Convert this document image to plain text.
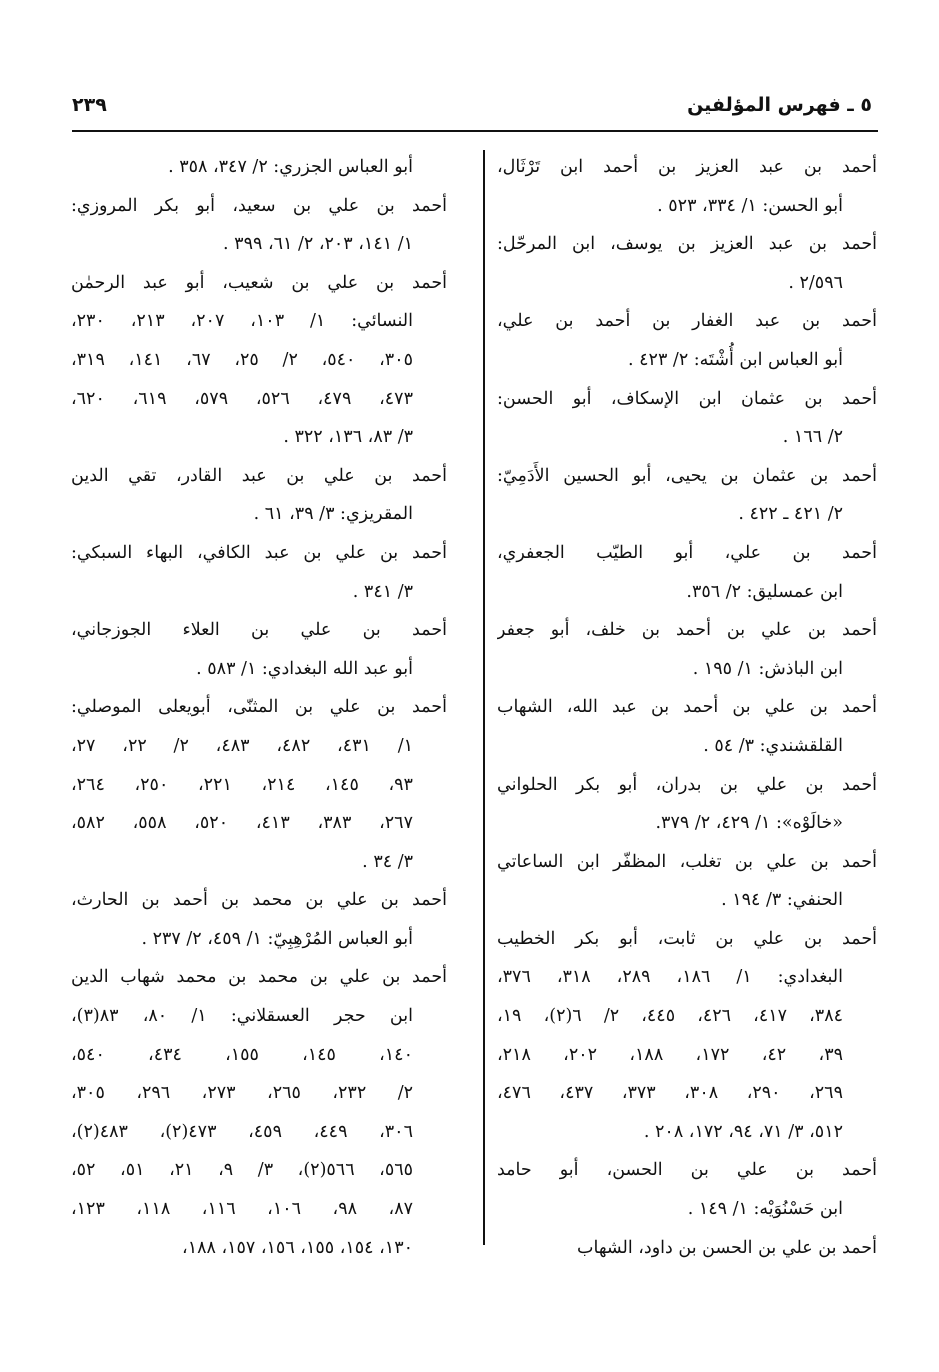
٥ ـ فهرس المؤلفين
٢٣٩
أحمد بن عبد العزيز بن أحمد ابن تَرْثَال،
أبو الحسن: ١/ ٣٣٤، ٥٢٣ .
أحمد بن عبد العزيز بن يوسف، ابن المرحّل:
٢/٥٩٦ .
أحمد بن عبد الغفار بن أحمد بن علي،
أبو العباس ابن أُشْتَه: ٢/ ٤٢٣ .
أحمد بن عثمان ابن الإسكاف، أبو الحسن:
٢/ ١٦٦ .
أحمد بن عثمان بن يحيى، أبو الحسين الأَدَمِيّ:
٢/ ٤٢١ ـ ٤٢٢ .
أحمد بن علي، أبو الطيّب الجعفري،
ابن عمسليق: ٢/ ٣٥٦.
أحمد بن علي بن أحمد بن خلف، أبو جعفر
ابن الباذش: ١/ ١٩٥ .
أحمد بن علي بن أحمد بن عبد الله، الشهاب
القلقشندي: ٣/ ٥٤ .
أحمد بن علي بن بدران، أبو بكر الحلواني
«خالَوْه»: ١/ ٤٢٩، ٢/ ٣٧٩.
أحمد بن علي بن تغلب، المظفّر ابن الساعاتي
الحنفي: ٣/ ١٩٤ .
أحمد بن علي بن ثابت، أبو بكر الخطيب
البغدادي: ١/ ١٨٦، ٢٨٩، ٣١٨، ٣٧٦،
٣٨٤، ٤١٧، ٤٢٦، ٤٤٥، ٢/ ٦(٢)، ١٩،
٣٩، ٤٢، ١٧٢، ١٨٨، ٢٠٢، ٢١٨،
٢٦٩، ٢٩٠، ٣٠٨، ٣٧٣، ٤٣٧، ٤٧٦،
٥١٢، ٣/ ٧١، ٩٤، ١٧٢، ٢٠٨ .
أحمد بن علي بن الحسن، أبو حامد
ابن حَسْنُوَيْه: ١/ ١٤٩ .
أحمد بن علي بن الحسن بن داود، الشهاب
أبو العباس الجزري: ٢/ ٣٤٧، ٣٥٨ .
أحمد بن علي بن سعيد، أبو بكر المروزي:
١/ ١٤١، ٢٠٣، ٢/ ٦١، ٣٩٩ .
أحمد بن علي بن شعيب، أبو عبد الرحمٰن
النسائي: ١/ ١٠٣، ٢٠٧، ٢١٣، ٢٣٠،
٣٠٥، ٥٤٠، ٢/ ٢٥، ٦٧، ١٤١، ٣١٩،
٤٧٣، ٤٧٩، ٥٢٦، ٥٧٩، ٦١٩، ٦٢٠،
٣/ ٨٣، ١٣٦، ٣٢٢ .
أحمد بن علي بن عبد القادر، تقي الدين
المقريزي: ٣/ ٣٩، ٦١ .
أحمد بن علي بن عبد الكافي، البهاء السبكي:
٣/ ٣٤١ .
أحمد بن علي بن العلاء الجوزجاني،
أبو عبد الله البغدادي: ١/ ٥٨٣ .
أحمد بن علي بن المثنّى، أبويعلى الموصلي:
١/ ٤٣١، ٤٨٢، ٤٨٣، ٢/ ٢٢، ٢٧،
٩٣، ١٤٥، ٢١٤، ٢٢١، ٢٥٠، ٢٦٤،
٢٦٧، ٣٨٣، ٤١٣، ٥٢٠، ٥٥٨، ٥٨٢،
٣/ ٣٤ .
أحمد بن علي بن محمد بن أحمد بن الحارث،
أبو العباس المُرْهِبِيّ: ١/ ٤٥٩، ٢/ ٢٣٧ .
أحمد بن علي بن محمد بن محمد شهاب الدين
ابن حجر العسقلاني: ١/ ٨٠، ٨٣(٣)،
١٤٠، ١٤٥، ١٥٥، ٤٣٤، ٥٤٠،
٢/ ٢٣٢، ٢٦٥، ٢٧٣، ٢٩٦، ٣٠٥،
٣٠٦، ٤٤٩، ٤٥٩، ٤٧٣(٢)، ٤٨٣(٢)،
٥٦٥، ٥٦٦(٢)، ٣/ ٩، ٢١، ٥١، ٥٢،
٨٧، ٩٨، ١٠٦، ١١٦، ١١٨، ١٢٣،
١٣٠، ١٥٤، ١٥٥، ١٥٦، ١٥٧، ١٨٨،
